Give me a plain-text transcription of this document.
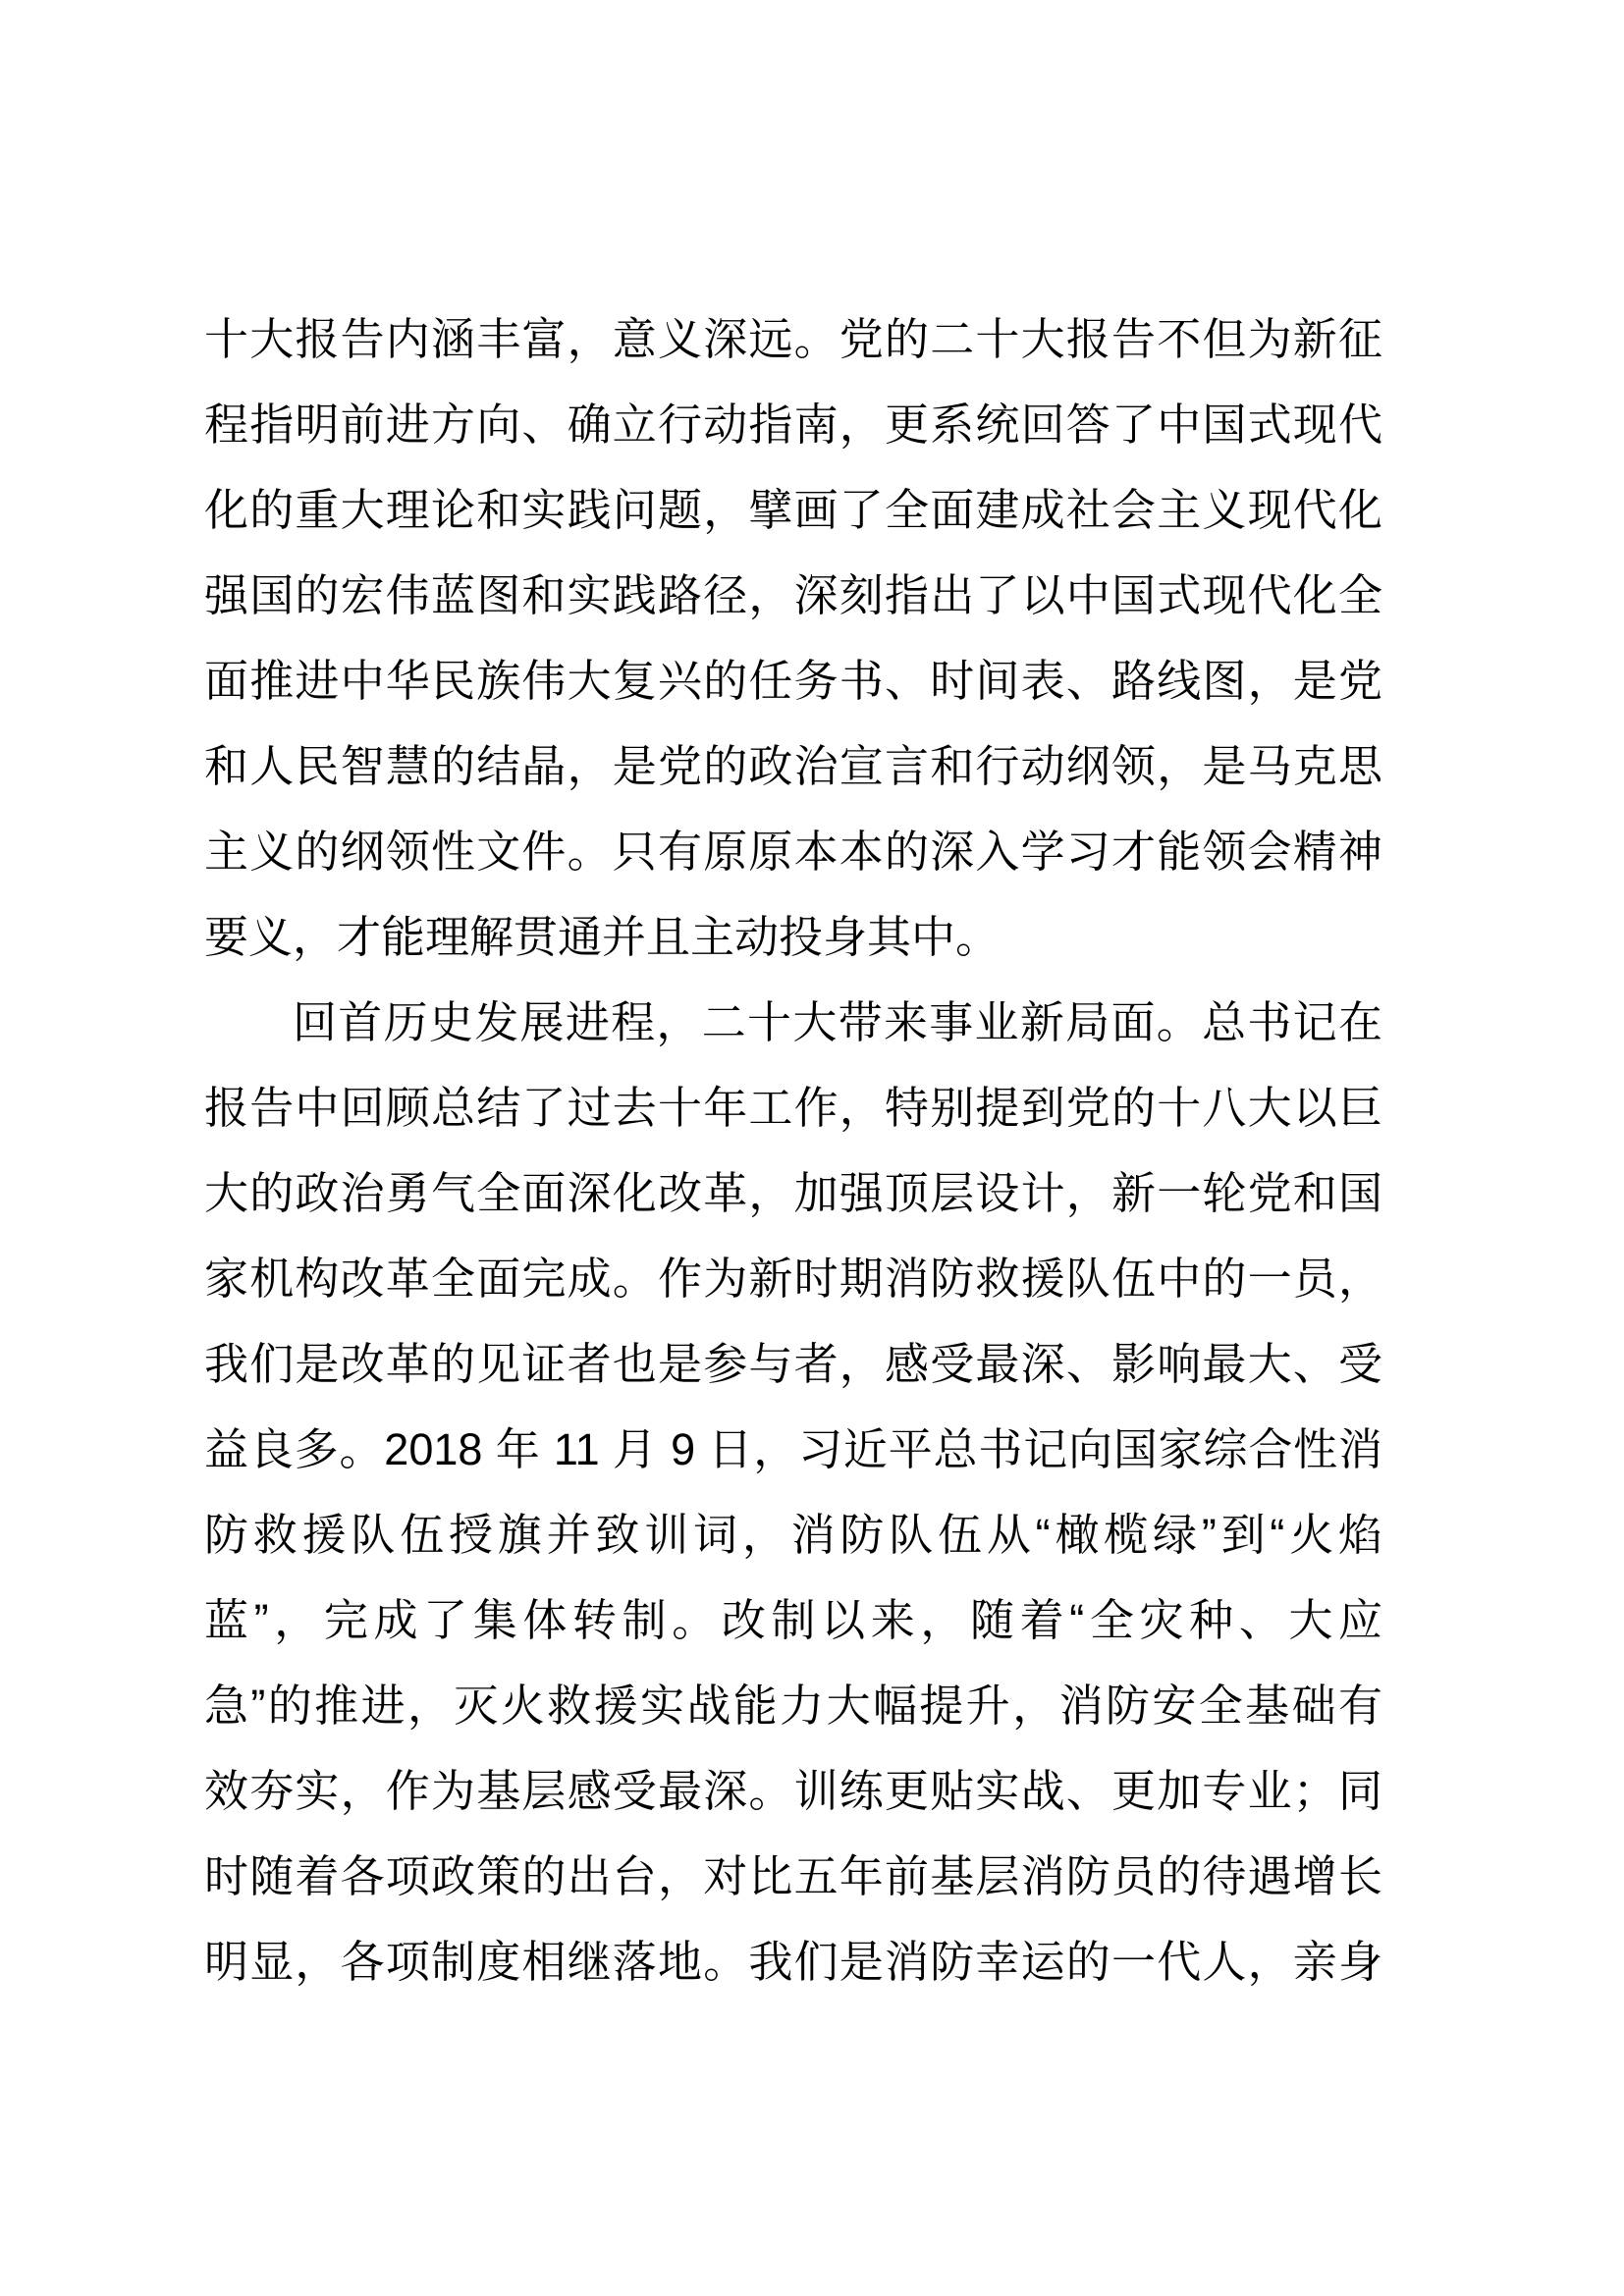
十大报告内涵丰富，意义深远。党的二十大报告不但为新征
程指明前进方向、确立行动指南，更系统回答了中国式现代
化的重大理论和实践问题，擘画了全面建成社会主义现代化
强国的宏伟蓝图和实践路径，深刻指出了以中国式现代化全
面推进中华民族伟大复兴的任务书、时间表、路线图，是党
和人民智慧的结晶，是党的政治宣言和行动纲领，是马克思
主义的纲领性文件。只有原原本本的深入学习才能领会精神
要义，才能理解贯通并且主动投身其中。
回首历史发展进程，二十大带来事业新局面。总书记在
报告中回顾总结了过去十年工作，特别提到党的十八大以巨
大的政治勇气全面深化改革，加强顶层设计，新一轮党和国
家机构改革全面完成。作为新时期消防救援队伍中的一员，
我们是改革的见证者也是参与者，感受最深、影响最大、受
益良多。2018 年 11 月 9 日，习近平总书记向国家综合性消
防救援队伍授旗并致训词，消防队伍从“橄榄绿”到“火焰
蓝”，完成了集体转制。改制以来，随着“全灾种、大应
急”的推进，灭火救援实战能力大幅提升，消防安全基础有
效夯实，作为基层感受最深。训练更贴实战、更加专业；同
时随着各项政策的出台，对比五年前基层消防员的待遇增长
明显，各项制度相继落地。我们是消防幸运的一代人，亲身
